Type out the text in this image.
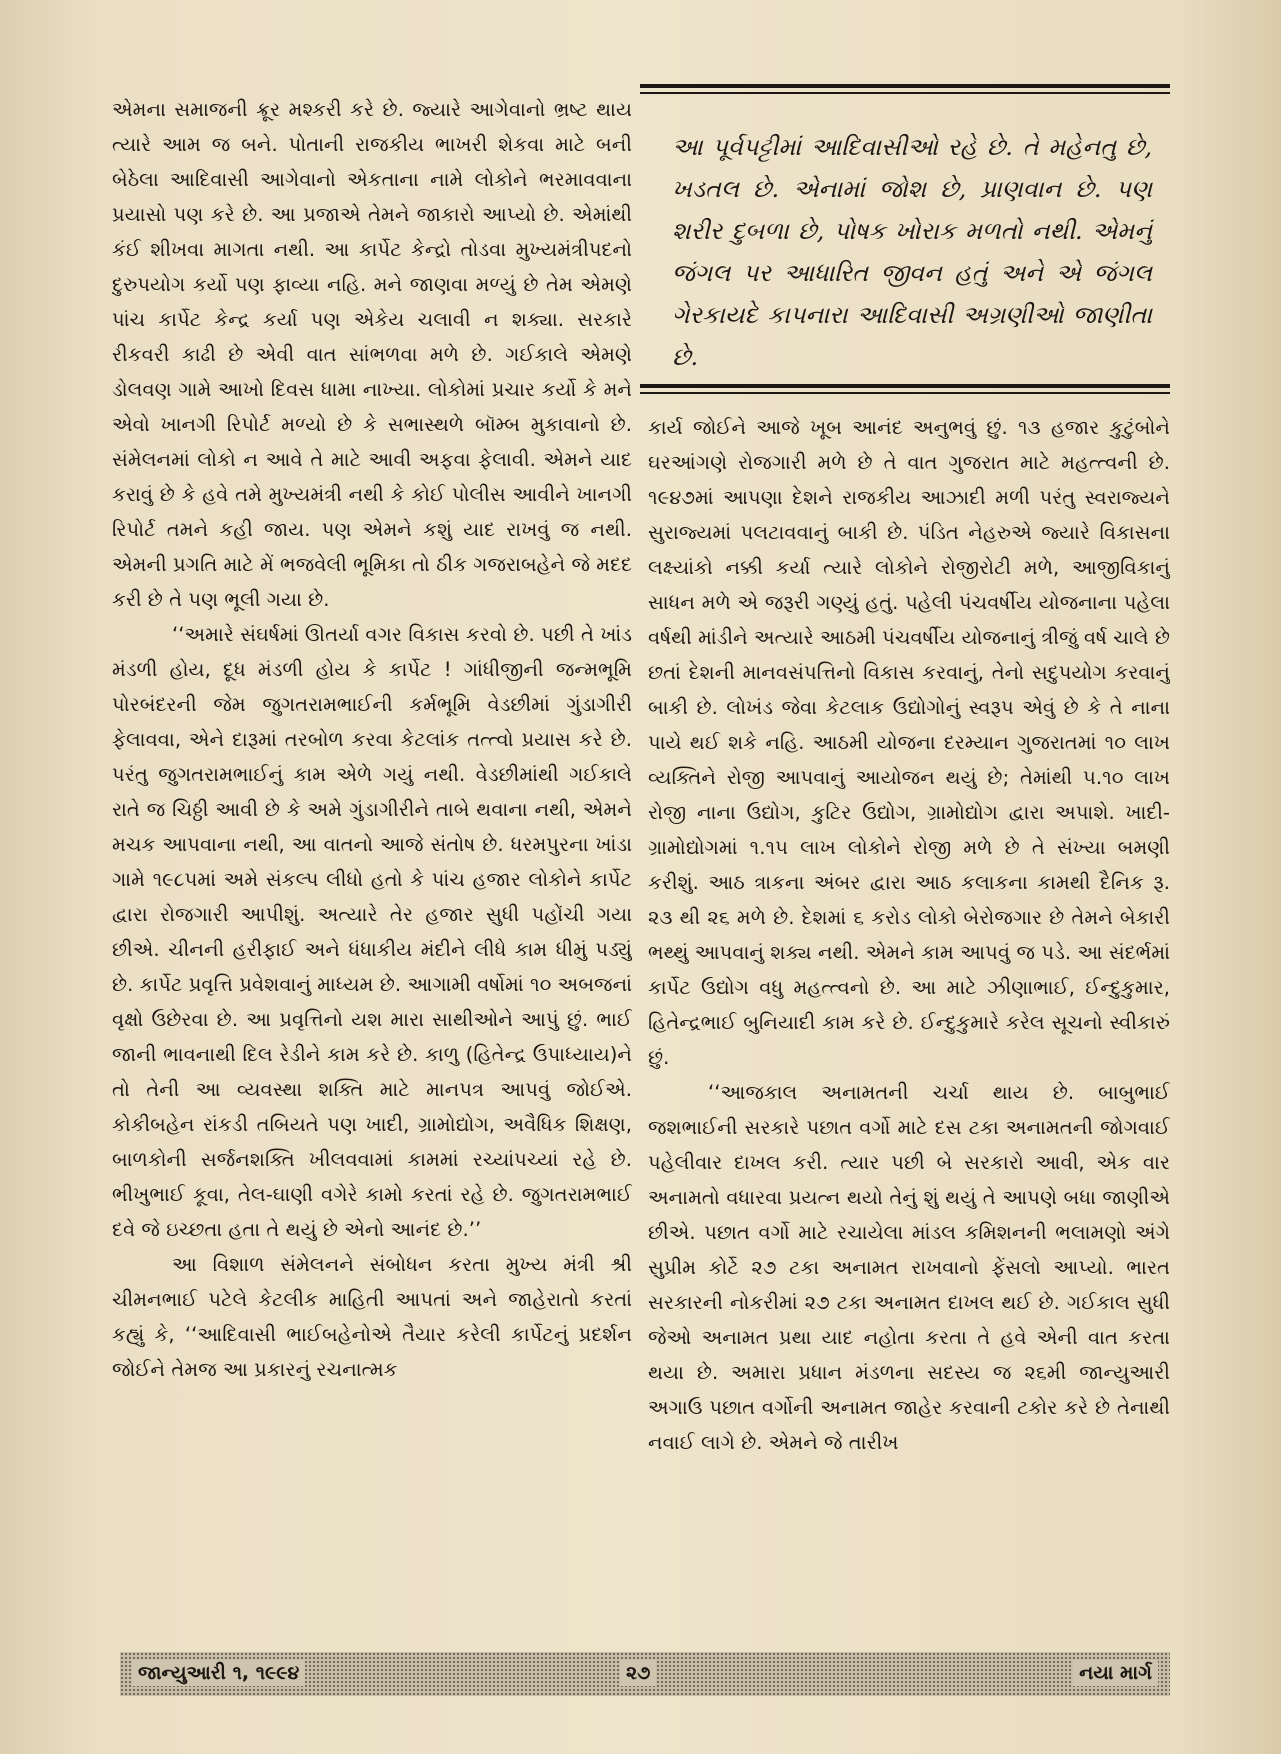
એમના સમાજની ક્રૂર મશ્કરી કરે છે. જ્યારે આગેવાનો ભ્રષ્ટ થાય ત્યારે આમ જ બને. પોતાની રાજકીય ભાખરી શેકવા માટે બની બેઠેલા આદિવાસી આગેવાનો એકતાના નામે લોકોને ભરમાવવાના પ્રયાસો પણ કરે છે. આ પ્રજાએ તેમને જાકારો આપ્યો છે. એમાંથી કંઈ શીખવા માગતા નથી. આ કાર્પેટ કેન્દ્રો તોડવા મુખ્યમંત્રીપદનો દુરુપયોગ કર્યો પણ ફાવ્યા નહિ. મને જાણવા મળ્યું છે તેમ એમણે પાંચ કાર્પેટ કેન્દ્ર કર્યા પણ એકેય ચલાવી ન શક્યા. સરકારે રીકવરી કાઢી છે એવી વાત સાંભળવા મળે છે. ગઈકાલે એમણે ડોલવણ ગામે આખો દિવસ ધામા નાખ્યા. લોકોમાં પ્રચાર કર્યો કે મને એવો ખાનગી રિપોર્ટ મળ્યો છે કે સભાસ્થળે બૉમ્બ મુકાવાનો છે. સંમેલનમાં લોકો ન આવે તે માટે આવી અફવા ફેલાવી. એમને યાદ કરાવું છે કે હવે તમે મુખ્યમંત્રી નથી કે કોઈ પોલીસ આવીને ખાનગી રિપોર્ટ તમને કહી જાય. પણ એમને કશું યાદ રાખવું જ નથી. એમની પ્રગતિ માટે મેં ભજવેલી ભૂમિકા તો ઠીક ગજરાબહેને જે મદદ કરી છે તે પણ ભૂલી ગયા છે.

‘‘અમારે સંઘર્ષમાં ઊતર્યા વગર વિકાસ કરવો છે. પછી તે ખાંડ મંડળી હોય, દૂધ મંડળી હોય કે કાર્પેટ ! ગાંધીજીની જન્મભૂમિ પોરબંદરની જેમ જુગતરામભાઈની કર્મભૂમિ વેડછીમાં ગુંડાગીરી ફેલાવવા, એને દારૂમાં તરબોળ કરવા કેટલાંક તત્ત્વો પ્રયાસ કરે છે. પરંતુ જુગતરામભાઈનું કામ એળે ગયું નથી. વેડછીમાંથી ગઈકાલે રાતે જ ચિઠ્ઠી આવી છે કે અમે ગુંડાગીરીને તાબે થવાના નથી, એમને મચક આપવાના નથી, આ વાતનો આજે સંતોષ છે. ધરમપુરના ખાંડા ગામે ૧૯૮૫માં અમે સંકલ્પ લીધો હતો કે પાંચ હજાર લોકોને કાર્પેટ દ્વારા રોજગારી આપીશું. અત્યારે તેર હજાર સુધી પહોંચી ગયા છીએ. ચીનની હરીફાઈ અને ધંધાકીય મંદીને લીધે કામ ધીમું પડ્યું છે. કાર્પેટ પ્રવૃત્તિ પ્રવેશવાનું માધ્યમ છે. આગામી વર્ષોમાં ૧૦ અબજનાં વૃક્ષો ઉછેરવા છે. આ પ્રવૃત્તિનો યશ મારા સાથીઓને આપું છું. ભાઈ જાની ભાવનાથી દિલ રેડીને કામ કરે છે. કાળુ (હિતેન્દ્ર ઉપાધ્યાય)ને તો તેની આ વ્યવસ્થા શક્તિ માટે માનપત્ર આપવું જોઈએ. કોકીબહેન રાંકડી તબિયતે પણ ખાદી, ગ્રામોદ્યોગ, અવૈધિક શિક્ષણ, બાળકોની સર્જનશક્તિ ખીલવવામાં કામમાં રચ્યાંપચ્યાં રહે છે. ભીખુભાઈ કૂવા, તેલ-ઘાણી વગેરે કામો કરતાં રહે છે. જુગતરામભાઈ દવે જે ઇચ્છતા હતા તે થયું છે એનો આનંદ છે.’’

આ વિશાળ સંમેલનને સંબોધન કરતા મુખ્ય મંત્રી શ્રી ચીમનભાઈ પટેલે કેટલીક માહિતી આપતાં અને જાહેરાતો કરતાં કહ્યું કે, ‘‘આદિવાસી ભાઈબહેનોએ તૈયાર કરેલી કાર્પેટનું પ્રદર્શન જોઈને તેમજ આ પ્રકારનું રચનાત્મક

આ પૂર્વપટ્ટીમાં આદિવાસીઓ રહે છે. તે મહેનતુ છે, ખડતલ છે. એનામાં જોશ છે, પ્રાણવાન છે. પણ શરીર દુબળા છે, પોષક ખોરાક મળતો નથી. એમનું જંગલ પર આધારિત જીવન હતું અને એ જંગલ ગેરકાયદે કાપનારા આદિવાસી અગ્રણીઓ જાણીતા છે.

કાર્ય જોઈને આજે ખૂબ આનંદ અનુભવું છું. ૧૩ હજાર કુટુંબોને ઘરઆંગણે રોજગારી મળે છે તે વાત ગુજરાત માટે મહત્ત્વની છે. ૧૯૪૭માં આપણા દેશને રાજકીય આઝાદી મળી પરંતુ સ્વરાજ્યને સુરાજ્યમાં પલટાવવાનું બાકી છે. પંડિત નેહરુએ જ્યારે વિકાસના લક્ષ્યાંકો નક્કી કર્યા ત્યારે લોકોને રોજીરોટી મળે, આજીવિકાનું સાધન મળે એ જરૂરી ગણ્યું હતું. પહેલી પંચવર્ષીય યોજનાના પહેલા વર્ષથી માંડીને અત્યારે આઠમી પંચવર્ષીય યોજનાનું ત્રીજું વર્ષ ચાલે છે છતાં દેશની માનવસંપત્તિનો વિકાસ કરવાનું, તેનો સદુપયોગ કરવાનું બાકી છે. લોખંડ જેવા કેટલાક ઉદ્યોગોનું સ્વરૂપ એવું છે કે તે નાના પાયે થઈ શકે નહિ. આઠમી યોજના દરમ્યાન ગુજરાતમાં ૧૦ લાખ વ્યક્તિને રોજી આપવાનું આયોજન થયું છે; તેમાંથી ૫.૧૦ લાખ રોજી નાના ઉદ્યોગ, કુટિર ઉદ્યોગ, ગ્રામોદ્યોગ દ્વારા અપાશે. ખાદી-ગ્રામોદ્યોગમાં ૧.૧૫ લાખ લોકોને રોજી મળે છે તે સંખ્યા બમણી કરીશું. આઠ ત્રાકના અંબર દ્વારા આઠ કલાકના કામથી દૈનિક રૂ. ૨૩ થી ૨૬ મળે છે. દેશમાં ૬ કરોડ લોકો બેરોજગાર છે તેમને બેકારી ભથ્થું આપવાનું શક્ય નથી. એમને કામ આપવું જ પડે. આ સંદર્ભમાં કાર્પેટ ઉદ્યોગ વધુ મહત્ત્વનો છે. આ માટે ઝીણાભાઈ, ઈન્દુકુમાર, હિતેન્દ્રભાઈ બુનિયાદી કામ કરે છે. ઈન્દુકુમારે કરેલ સૂચનો સ્વીકારું છું.

‘‘આજકાલ અનામતની ચર્ચા થાય છે. બાબુભાઈ જશભાઈની સરકારે પછાત વર્ગો માટે દસ ટકા અનામતની જોગવાઈ પહેલીવાર દાખલ કરી. ત્યાર પછી બે સરકારો આવી, એક વાર અનામતો વધારવા પ્રયત્ન થયો તેનું શું થયું તે આપણે બધા જાણીએ છીએ. પછાત વર્ગો માટે રચાયેલા માંડલ કમિશનની ભલામણો અંગે સુપ્રીમ કોર્ટે ૨૭ ટકા અનામત રાખવાનો ફેંસલો આપ્યો. ભારત સરકારની નોકરીમાં ૨૭ ટકા અનામત દાખલ થઈ છે. ગઈકાલ સુધી જેઓ અનામત પ્રથા યાદ નહોતા કરતા તે હવે એની વાત કરતા થયા છે. અમારા પ્રધાન મંડળના સદસ્ય જ ૨૬મી જાન્યુઆરી અગાઉ પછાત વર્ગોની અનામત જાહેર કરવાની ટકોર કરે છે તેનાથી નવાઈ લાગે છે. એમને જે તારીખ

જાન્યુઆરી ૧, ૧૯૯૪	૨૭	નયા માર્ગ
